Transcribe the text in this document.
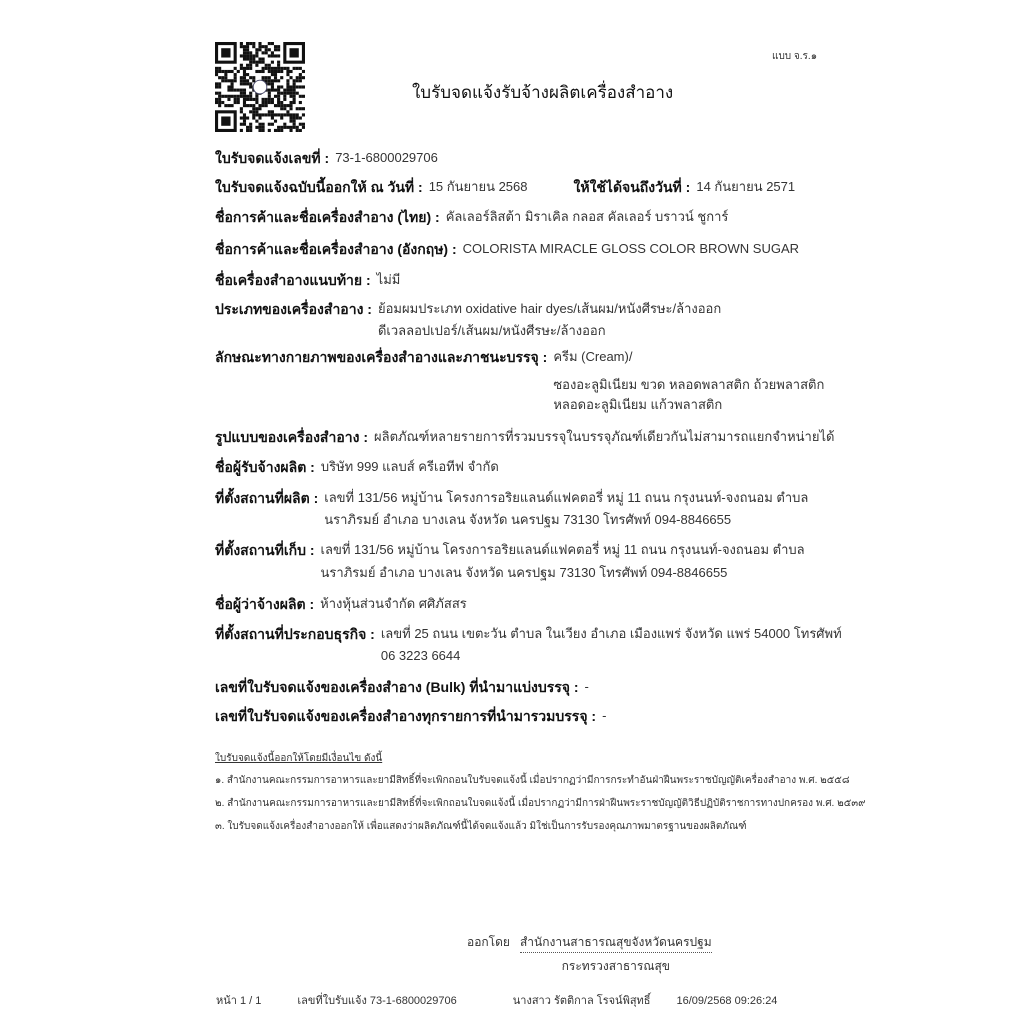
แบบ จ.ร.๑
ใบรับจดแจ้งรับจ้างผลิตเครื่องสำอาง
ใบรับจดแจ้งเลขที่ : 73-1-6800029706
ใบรับจดแจ้งฉบับนี้ออกให้ ณ วันที่ : 15 กันยายน 2568	ให้ใช้ได้จนถึงวันที่ : 14 กันยายน 2571
ชื่อการค้าและชื่อเครื่องสำอาง (ไทย) : คัลเลอร์ลิสต้า มิราเคิล กลอส คัลเลอร์ บราวน์ ชูการ์
ชื่อการค้าและชื่อเครื่องสำอาง (อังกฤษ) : COLORISTA MIRACLE GLOSS COLOR BROWN SUGAR
ชื่อเครื่องสำอางแนบท้าย : ไม่มี
ประเภทของเครื่องสำอาง : ย้อมผมประเภท oxidative hair dyes/เส้นผม/หนังศีรษะ/ล้างออก
ดีเวลลอปเปอร์/เส้นผม/หนังศีรษะ/ล้างออก
ลักษณะทางกายภาพของเครื่องสำอางและภาชนะบรรจุ : ครีม (Cream)/
ซองอะลูมิเนียม ขวด หลอดพลาสติก ถ้วยพลาสติก
หลอดอะลูมิเนียม แก้วพลาสติก
รูปแบบของเครื่องสำอาง : ผลิตภัณฑ์หลายรายการที่รวมบรรจุในบรรจุภัณฑ์เดียวกันไม่สามารถแยกจำหน่ายได้
ชื่อผู้รับจ้างผลิต : บริษัท 999 แลบส์ ครีเอทีฟ จำกัด
ที่ตั้งสถานที่ผลิต : เลขที่ 131/56 หมู่บ้าน โครงการอริยแลนด์แฟคตอรี่ หมู่ 11 ถนน กรุงนนท์-จงถนอม ตำบล
นราภิรมย์ อำเภอ บางเลน จังหวัด นครปฐม 73130 โทรศัพท์ 094-8846655
ที่ตั้งสถานที่เก็บ : เลขที่ 131/56 หมู่บ้าน โครงการอริยแลนด์แฟคตอรี่ หมู่ 11 ถนน กรุงนนท์-จงถนอม ตำบล
นราภิรมย์ อำเภอ บางเลน จังหวัด นครปฐม 73130 โทรศัพท์ 094-8846655
ชื่อผู้ว่าจ้างผลิต : ห้างหุ้นส่วนจำกัด ศศิภัสสร
ที่ตั้งสถานที่ประกอบธุรกิจ : เลขที่ 25 ถนน เขตะวัน ตำบล ในเวียง อำเภอ เมืองแพร่ จังหวัด แพร่ 54000 โทรศัพท์
06 3223 6644
เลขที่ใบรับจดแจ้งของเครื่องสำอาง (Bulk) ที่นำมาแบ่งบรรจุ : -
เลขที่ใบรับจดแจ้งของเครื่องสำอางทุกรายการที่นำมารวมบรรจุ : -
ใบรับจดแจ้งนี้ออกให้โดยมีเงื่อนไข ดังนี้
๑. สำนักงานคณะกรรมการอาหารและยามีสิทธิ์ที่จะเพิกถอนใบรับจดแจ้งนี้ เมื่อปรากฏว่ามีการกระทำอันฝ่าฝืนพระราชบัญญัติเครื่องสำอาง พ.ศ. ๒๕๕๘
๒. สำนักงานคณะกรรมการอาหารและยามีสิทธิ์ที่จะเพิกถอนใบจดแจ้งนี้ เมื่อปรากฏว่ามีการฝ่าฝืนพระราชบัญญัติวิธีปฏิบัติราชการทางปกครอง พ.ศ. ๒๕๓๙
๓. ใบรับจดแจ้งเครื่องสำอางออกให้ เพื่อแสดงว่าผลิตภัณฑ์นี้ได้จดแจ้งแล้ว มิใช่เป็นการรับรองคุณภาพมาตรฐานของผลิตภัณฑ์
ออกโดย สำนักงานสาธารณสุขจังหวัดนครปฐม
กระทรวงสาธารณสุข
หน้า 1 / 1	เลขที่ใบรับแจ้ง 73-1-6800029706	นางสาว รัตติกาล โรจน์พิสุทธิ์ 16/09/2568 09:26:24
